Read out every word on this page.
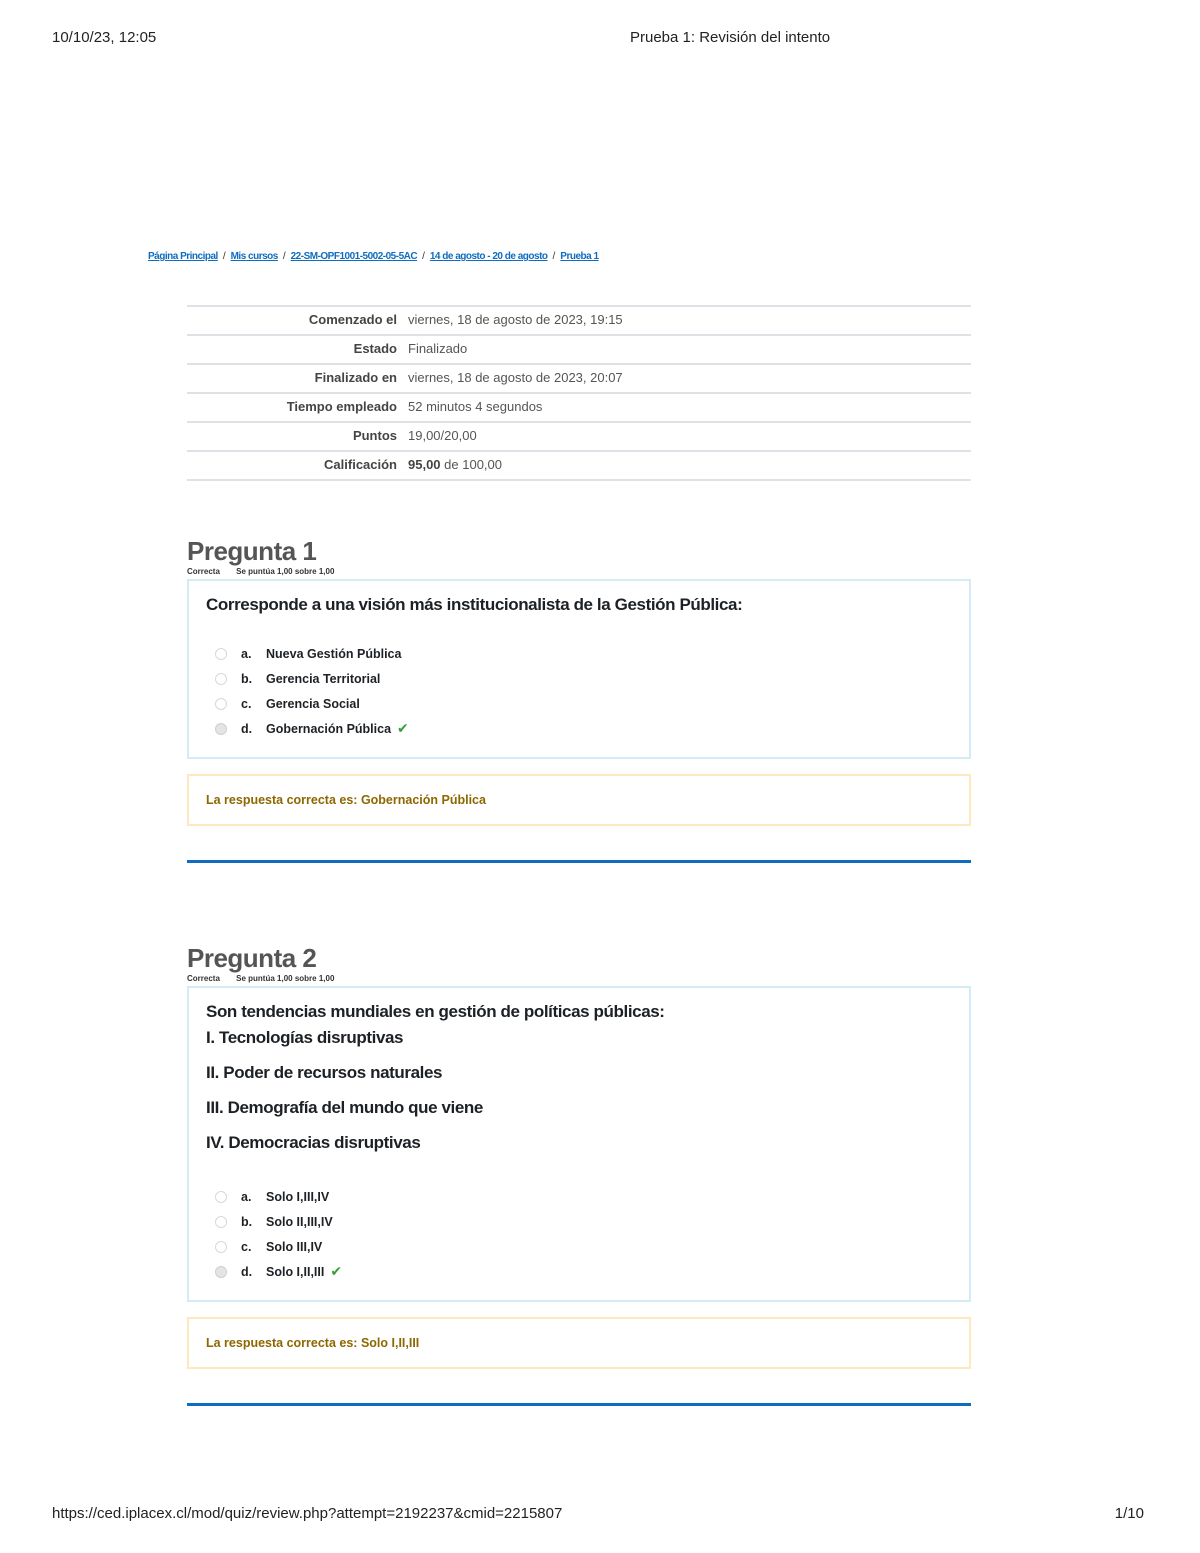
10/10/23, 12:05	Prueba 1: Revisión del intento
Página Principal / Mis cursos / 22-SM-OPF1001-5002-05-5AC / 14 de agosto - 20 de agosto / Prueba 1
Comenzado el	viernes, 18 de agosto de 2023, 19:15
Estado	Finalizado
Finalizado en	viernes, 18 de agosto de 2023, 20:07
Tiempo empleado	52 minutos 4 segundos
Puntos	19,00/20,00
Calificación	95,00 de 100,00
Pregunta 1
Correcta Se puntúa 1,00 sobre 1,00

Corresponde a una visión más institucionalista de la Gestión Pública:

a.	Nueva Gestión Pública
b.	Gerencia Territorial
c.	Gerencia Social
d.	Gobernación Pública ✔
La respuesta correcta es: Gobernación Pública
Pregunta 2
Correcta Se puntúa 1,00 sobre 1,00

Son tendencias mundiales en gestión de políticas públicas:

I. Tecnologías disruptivas

II. Poder de recursos naturales

III. Demografía del mundo que viene

IV. Democracias disruptivas

a.	Solo I,III,IV
b.	Solo II,III,IV
c.	Solo III,IV
d.	Solo I,II,III ✔
La respuesta correcta es: Solo I,II,III
https://ced.iplacex.cl/mod/quiz/review.php?attempt=2192237&cmid=2215807	1/10
